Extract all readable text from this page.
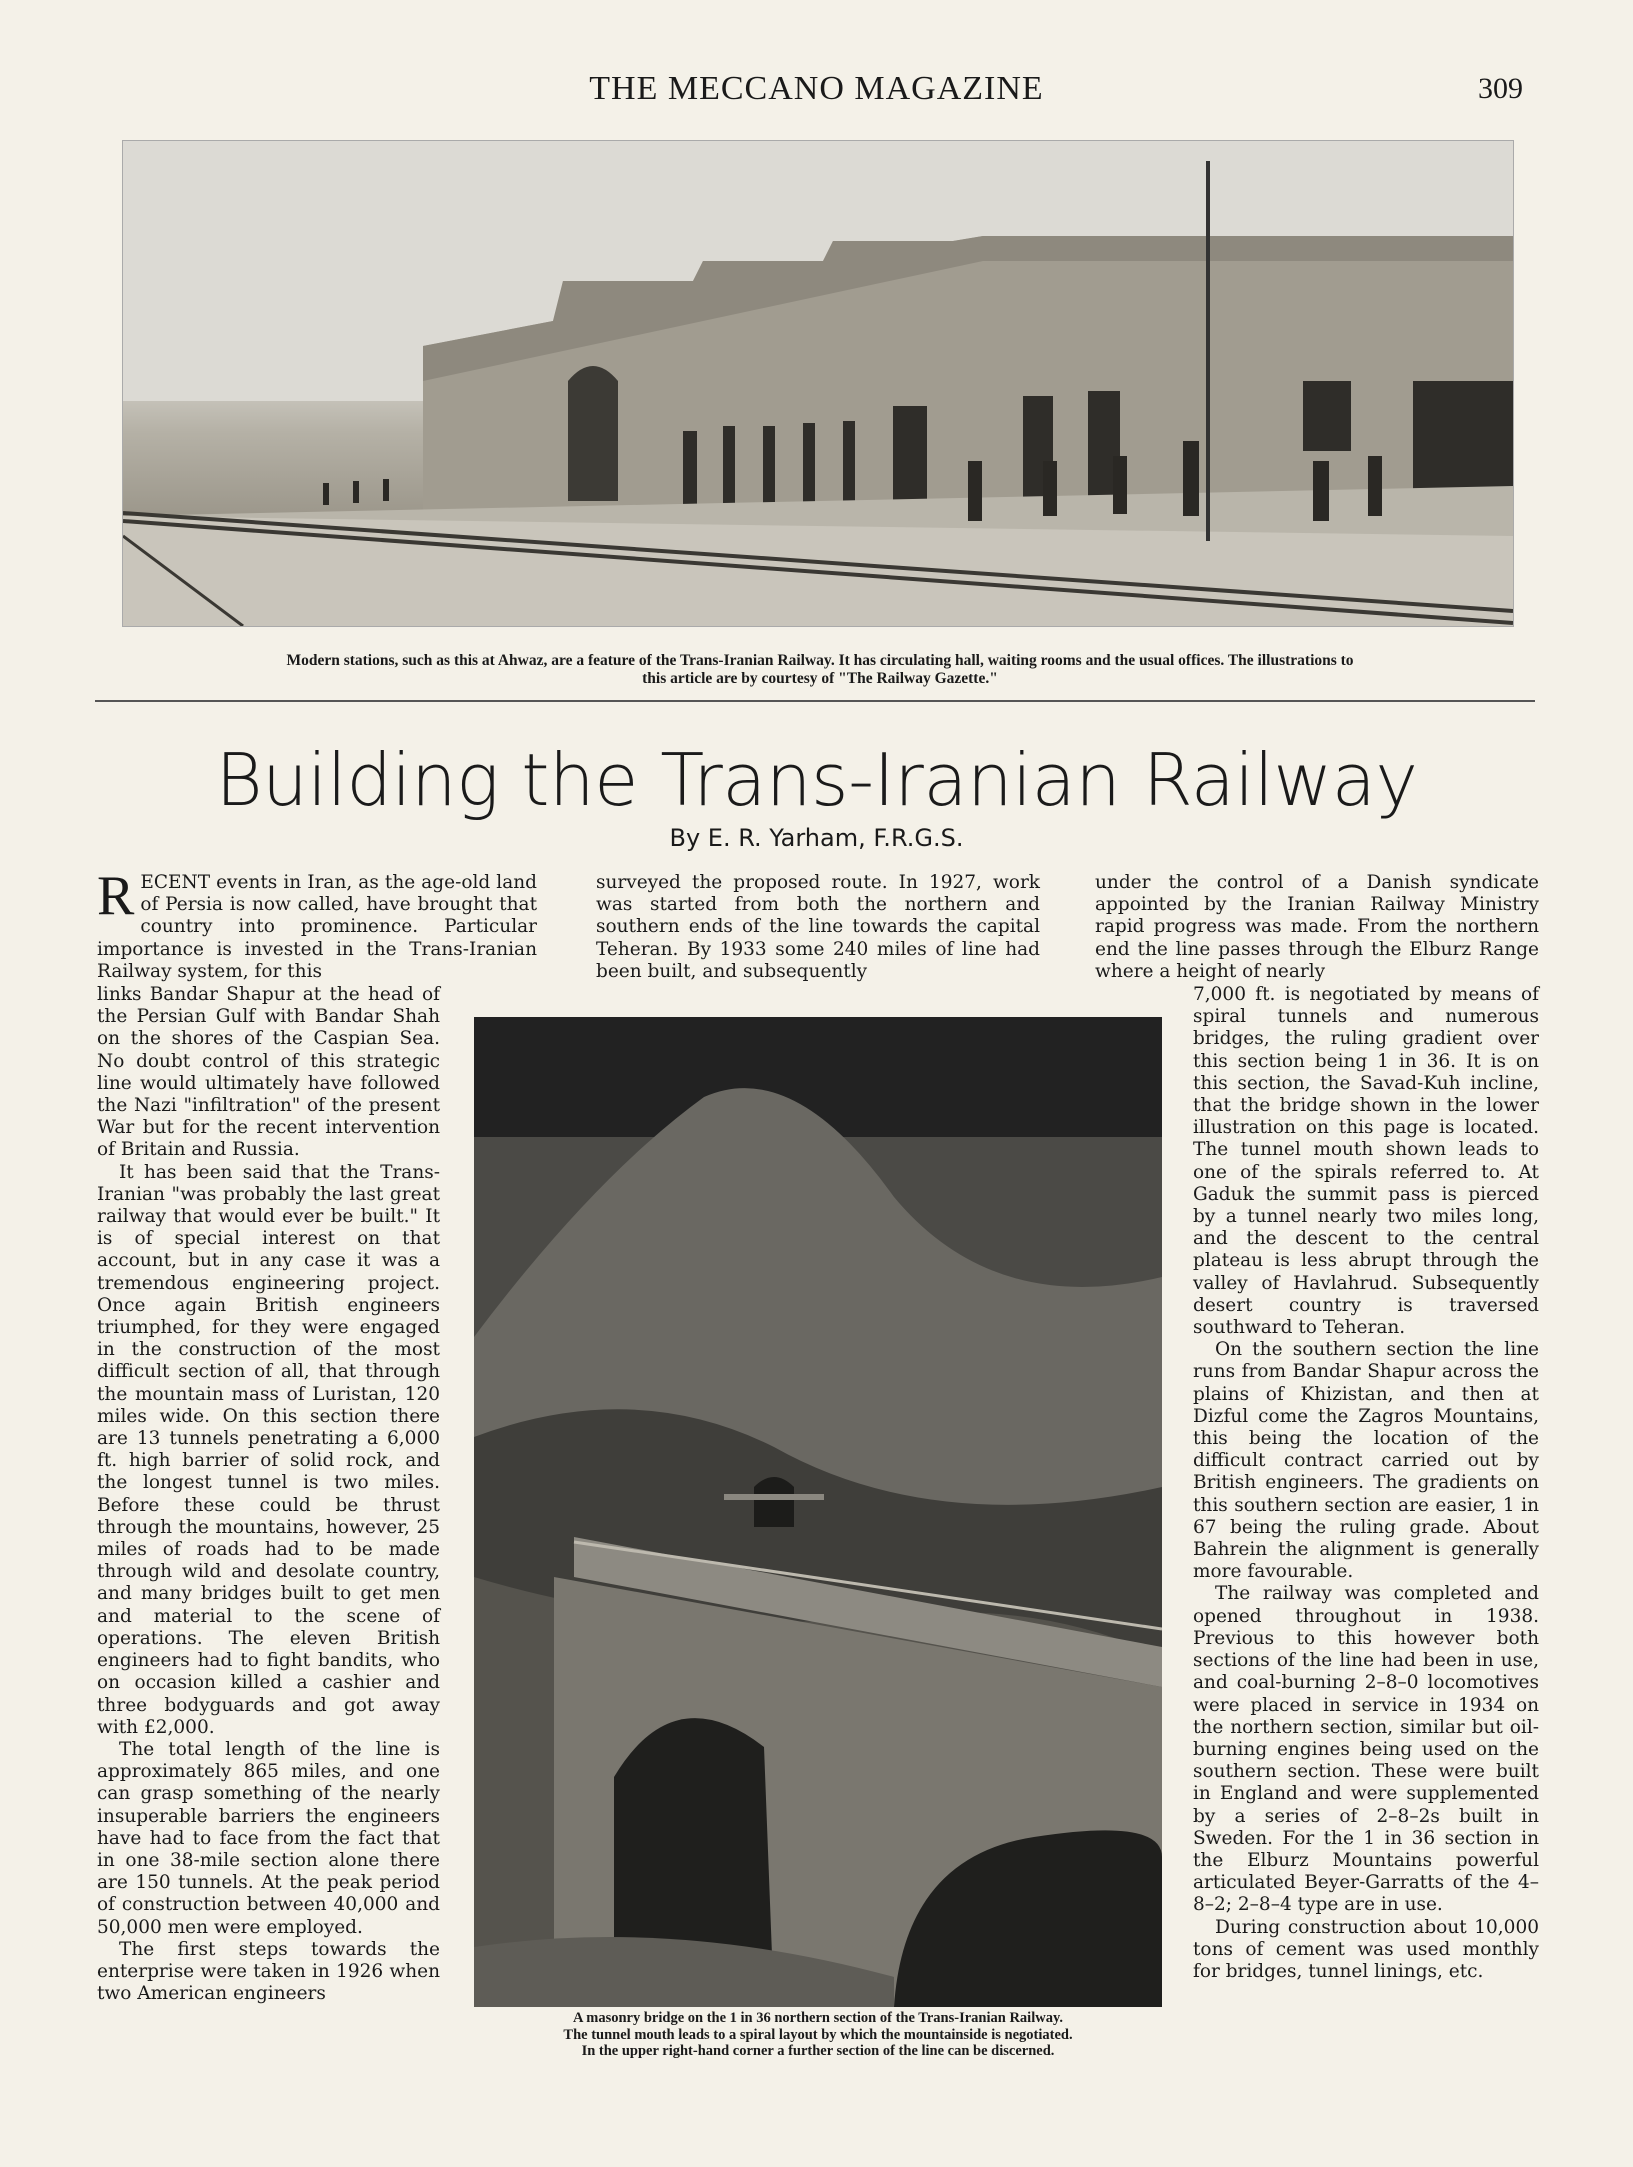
THE MECCANO MAGAZINE	309
Modern stations, such as this at Ahwaz, are a feature of the Trans-Iranian Railway. It has circulating hall, waiting rooms and the usual offices. The illustrations to
this article are by courtesy of "The Railway Gazette."
Building the Trans-Iranian Railway
By E. R. Yarham, F.R.G.S.

RECENT events in Iran, as the age-old land of Persia is now called, have brought that country into prominence. Particular importance is invested in the Trans-Iranian Railway system, for this

surveyed the proposed route. In 1927, work was started from both the northern and southern ends of the line towards the capital Teheran. By 1933 some 240 miles of line had been built, and subsequently

under the control of a Danish syndicate appointed by the Iranian Railway Ministry rapid progress was made. From the northern end the line passes through the Elburz Range where a height of nearly

links Bandar Shapur at the head of the Persian Gulf with Bandar Shah on the shores of the Caspian Sea. No doubt control of this strategic line would ultimately have followed the Nazi "infiltration" of the present War but for the recent intervention of Britain and Russia.

It has been said that the Trans-Iranian "was probably the last great railway that would ever be built." It is of special interest on that account, but in any case it was a tremendous engineering project. Once again British engineers triumphed, for they were engaged in the construction of the most difficult section of all, that through the mountain mass of Luristan, 120 miles wide. On this section there are 13 tunnels penetrating a 6,000 ft. high barrier of solid rock, and the longest tunnel is two miles. Before these could be thrust through the mountains, however, 25 miles of roads had to be made through wild and desolate country, and many bridges built to get men and material to the scene of operations. The eleven British engineers had to fight bandits, who on occasion killed a cashier and three bodyguards and got away with £2,000.

The total length of the line is approximately 865 miles, and one can grasp something of the nearly insuperable barriers the engineers have had to face from the fact that in one 38-mile section alone there are 150 tunnels. At the peak period of construction between 40,000 and 50,000 men were employed.

The first steps towards the enterprise were taken in 1926 when two American engineers

A masonry bridge on the 1 in 36 northern section of the Trans-Iranian Railway.
The tunnel mouth leads to a spiral layout by which the mountainside is negotiated.
In the upper right-hand corner a further section of the line can be discerned.

7,000 ft. is negotiated by means of spiral tunnels and numerous bridges, the ruling gradient over this section being 1 in 36. It is on this section, the Savad-Kuh incline, that the bridge shown in the lower illustration on this page is located. The tunnel mouth shown leads to one of the spirals referred to. At Gaduk the summit pass is pierced by a tunnel nearly two miles long, and the descent to the central plateau is less abrupt through the valley of Havlahrud. Subsequently desert country is traversed southward to Teheran.

On the southern section the line runs from Bandar Shapur across the plains of Khizistan, and then at Dizful come the Zagros Mountains, this being the location of the difficult contract carried out by British engineers. The gradients on this southern section are easier, 1 in 67 being the ruling grade. About Bahrein the alignment is generally more favourable.

The railway was completed and opened throughout in 1938. Previous to this however both sections of the line had been in use, and coal-burning 2–8–0 locomotives were placed in service in 1934 on the northern section, similar but oil-burning engines being used on the southern section. These were built in England and were supplemented by a series of 2–8–2s built in Sweden. For the 1 in 36 section in the Elburz Mountains powerful articulated Beyer-Garratts of the 4–8–2; 2–8–4 type are in use.

During construction about 10,000 tons of cement was used monthly for bridges, tunnel linings, etc.
